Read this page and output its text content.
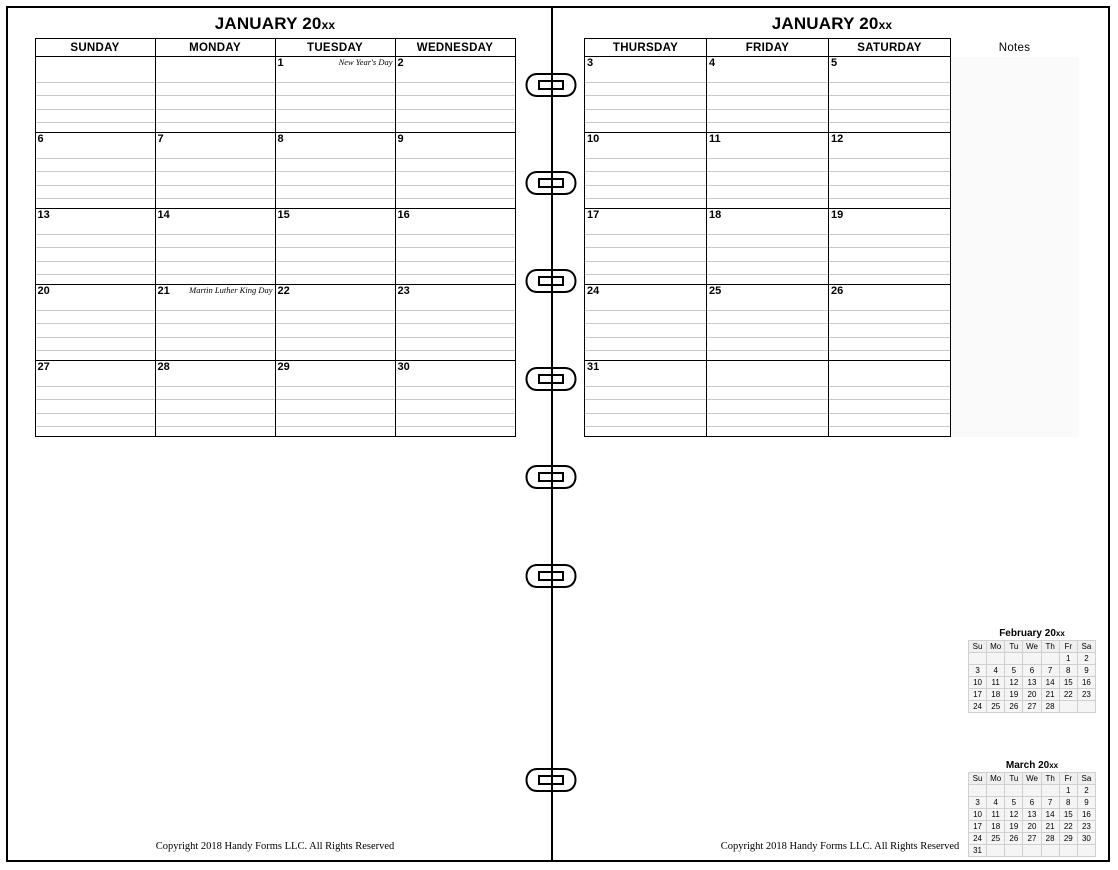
JANUARY 20xx
SUNDAY	MONDAY	TUESDAY	WEDNESDAY

		1 New Year's Day	2

6	7	8	9

13	14	15	16

20	21 Martin Luther King Day	22	23

27	28	29	30
Copyright 2018 Handy Forms LLC. All Rights Reserved
JANUARY 20xx
THURSDAY	FRIDAY	SATURDAY	Notes

3	4	5	

10	11	12	

17	18	19	

24	25	26	

31			

February 20xx
Su	Mo	Tu	We	Th	Fr	Sa
					1	2
3	4	5	6	7	8	9
10	11	12	13	14	15	16
17	18	19	20	21	22	23
24	25	26	27	28		
March 20xx
Su	Mo	Tu	We	Th	Fr	Sa
					1	2
3	4	5	6	7	8	9
10	11	12	13	14	15	16
17	18	19	20	21	22	23
24	25	26	27	28	29	30
31						
Copyright 2018 Handy Forms LLC. All Rights Reserved
